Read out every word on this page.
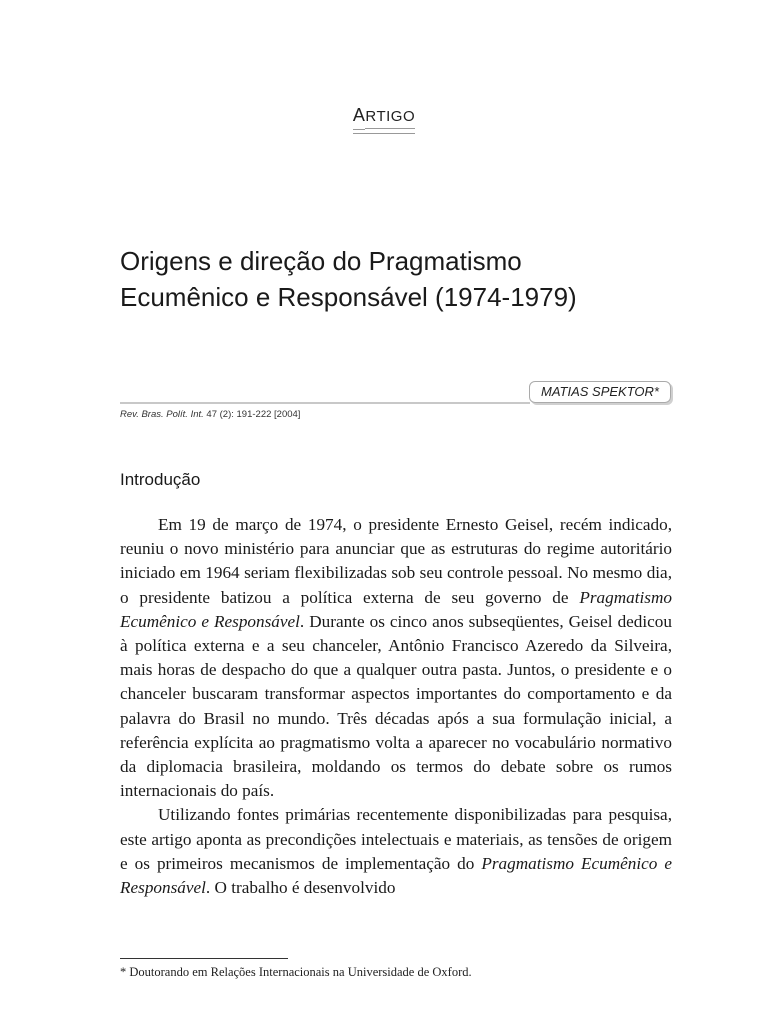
ARTIGO
Origens e direção do Pragmatismo
Ecumênico e Responsável (1974-1979)
MATIAS SPEKTOR*
Rev. Bras. Polít. Int. 47 (2): 191-222 [2004]
Introdução

Em 19 de março de 1974, o presidente Ernesto Geisel, recém indicado, reuniu o novo ministério para anunciar que as estruturas do regime autoritário iniciado em 1964 seriam flexibilizadas sob seu controle pessoal. No mesmo dia, o presidente batizou a política externa de seu governo de Pragmatismo Ecumênico e Responsável. Durante os cinco anos subseqüentes, Geisel dedicou à política externa e a seu chanceler, Antônio Francisco Azeredo da Silveira, mais horas de despacho do que a qualquer outra pasta. Juntos, o presidente e o chanceler buscaram transformar aspectos importantes do comportamento e da palavra do Brasil no mundo. Três décadas após a sua formulação inicial, a referência explícita ao pragmatismo volta a aparecer no vocabulário normativo da diplomacia brasileira, moldando os termos do debate sobre os rumos internacionais do país.

Utilizando fontes primárias recentemente disponibilizadas para pesquisa, este artigo aponta as precondições intelectuais e materiais, as tensões de origem e os primeiros mecanismos de implementação do Pragmatismo Ecumênico e Responsável. O trabalho é desenvolvido

* Doutorando em Relações Internacionais na Universidade de Oxford.
